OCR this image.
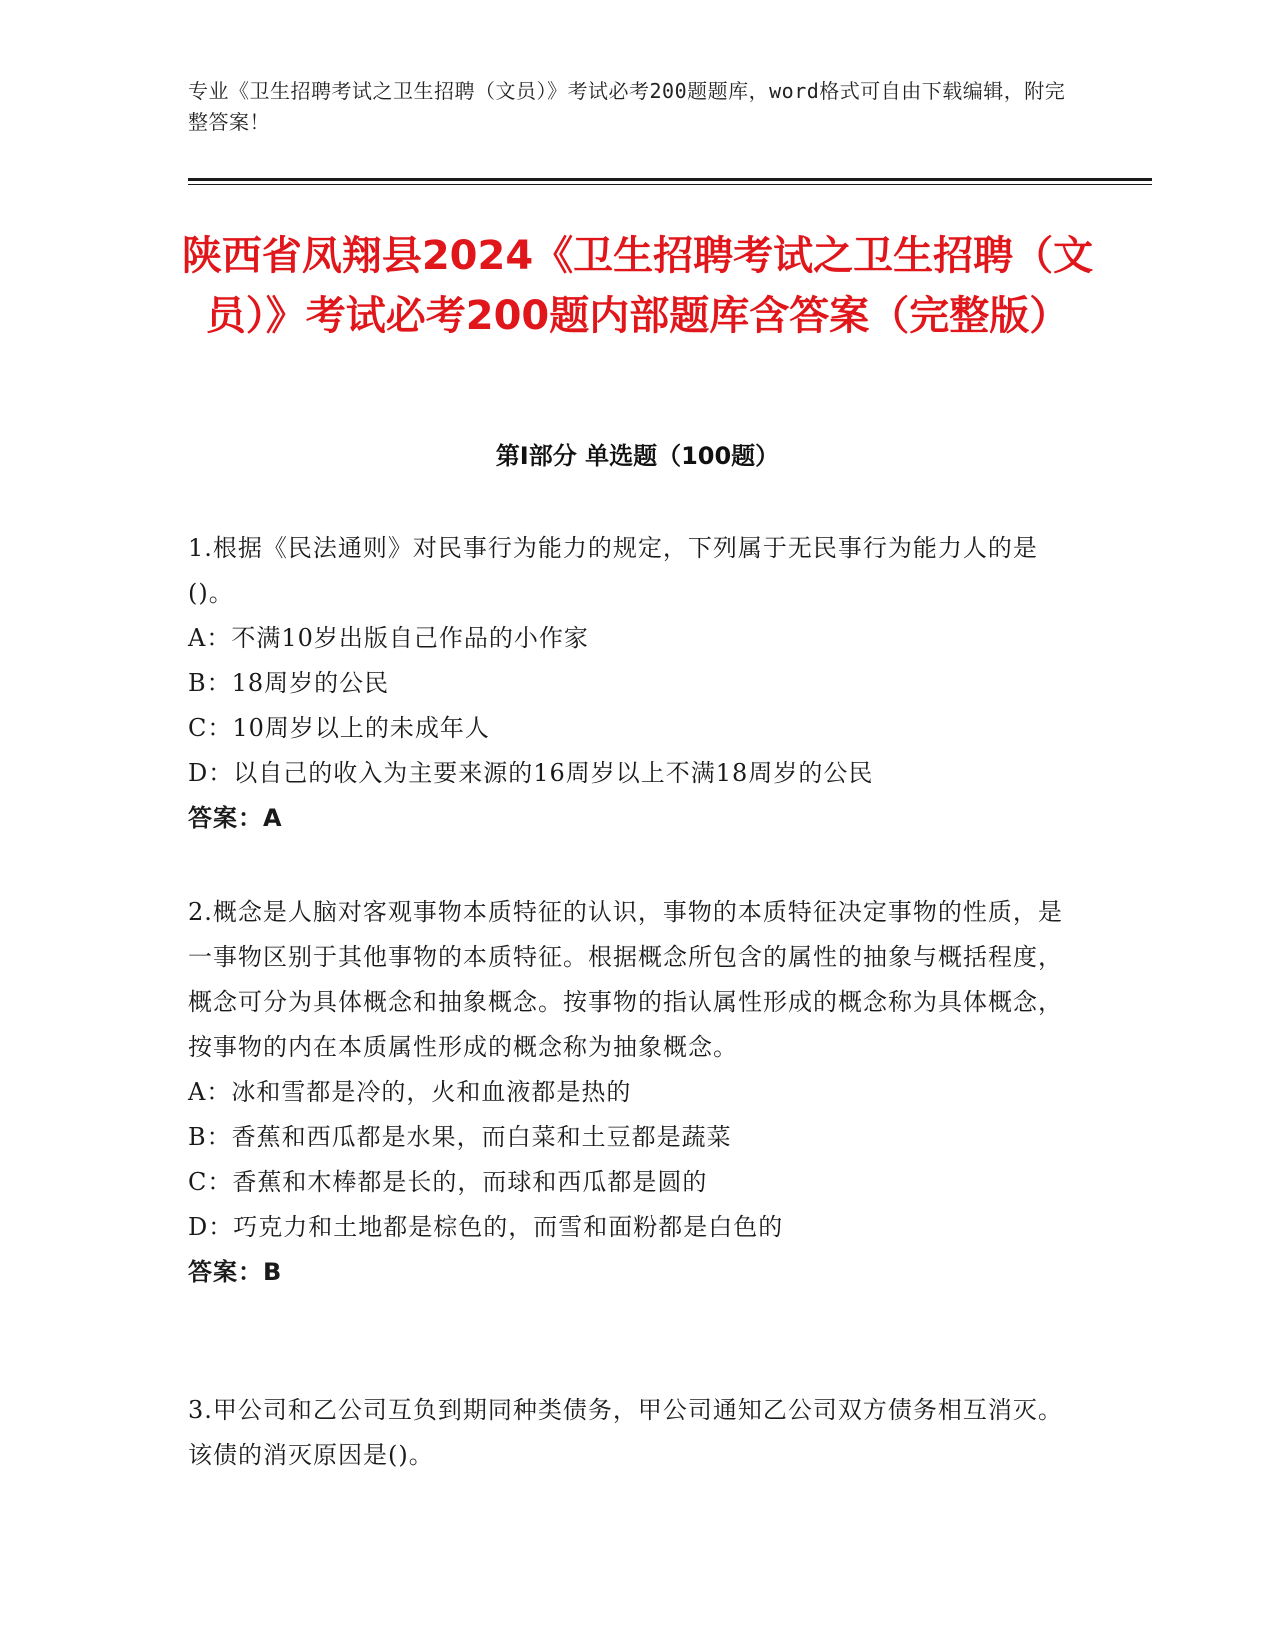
专业《卫生招聘考试之卫生招聘（文员）》考试必考200题题库，word格式可自由下载编辑，附完整答案！
陕西省凤翔县2024《卫生招聘考试之卫生招聘（文员）》考试必考200题内部题库含答案（完整版）
第Ⅰ部分 单选题（100题）

1.根据《民法通则》对民事行为能力的规定，下列属于无民事行为能力人的是()。

A：不满10岁出版自己作品的小作家

B：18周岁的公民

C：10周岁以上的未成年人

D：以自己的收入为主要来源的16周岁以上不满18周岁的公民

答案：A

2.概念是人脑对客观事物本质特征的认识，事物的本质特征决定事物的性质，是一事物区别于其他事物的本质特征。根据概念所包含的属性的抽象与概括程度，概念可分为具体概念和抽象概念。按事物的指认属性形成的概念称为具体概念，按事物的内在本质属性形成的概念称为抽象概念。

A：冰和雪都是冷的，火和血液都是热的

B：香蕉和西瓜都是水果，而白菜和土豆都是蔬菜

C：香蕉和木棒都是长的，而球和西瓜都是圆的

D：巧克力和土地都是棕色的，而雪和面粉都是白色的

答案：B

3.甲公司和乙公司互负到期同种类债务，甲公司通知乙公司双方债务相互消灭。该债的消灭原因是()。
